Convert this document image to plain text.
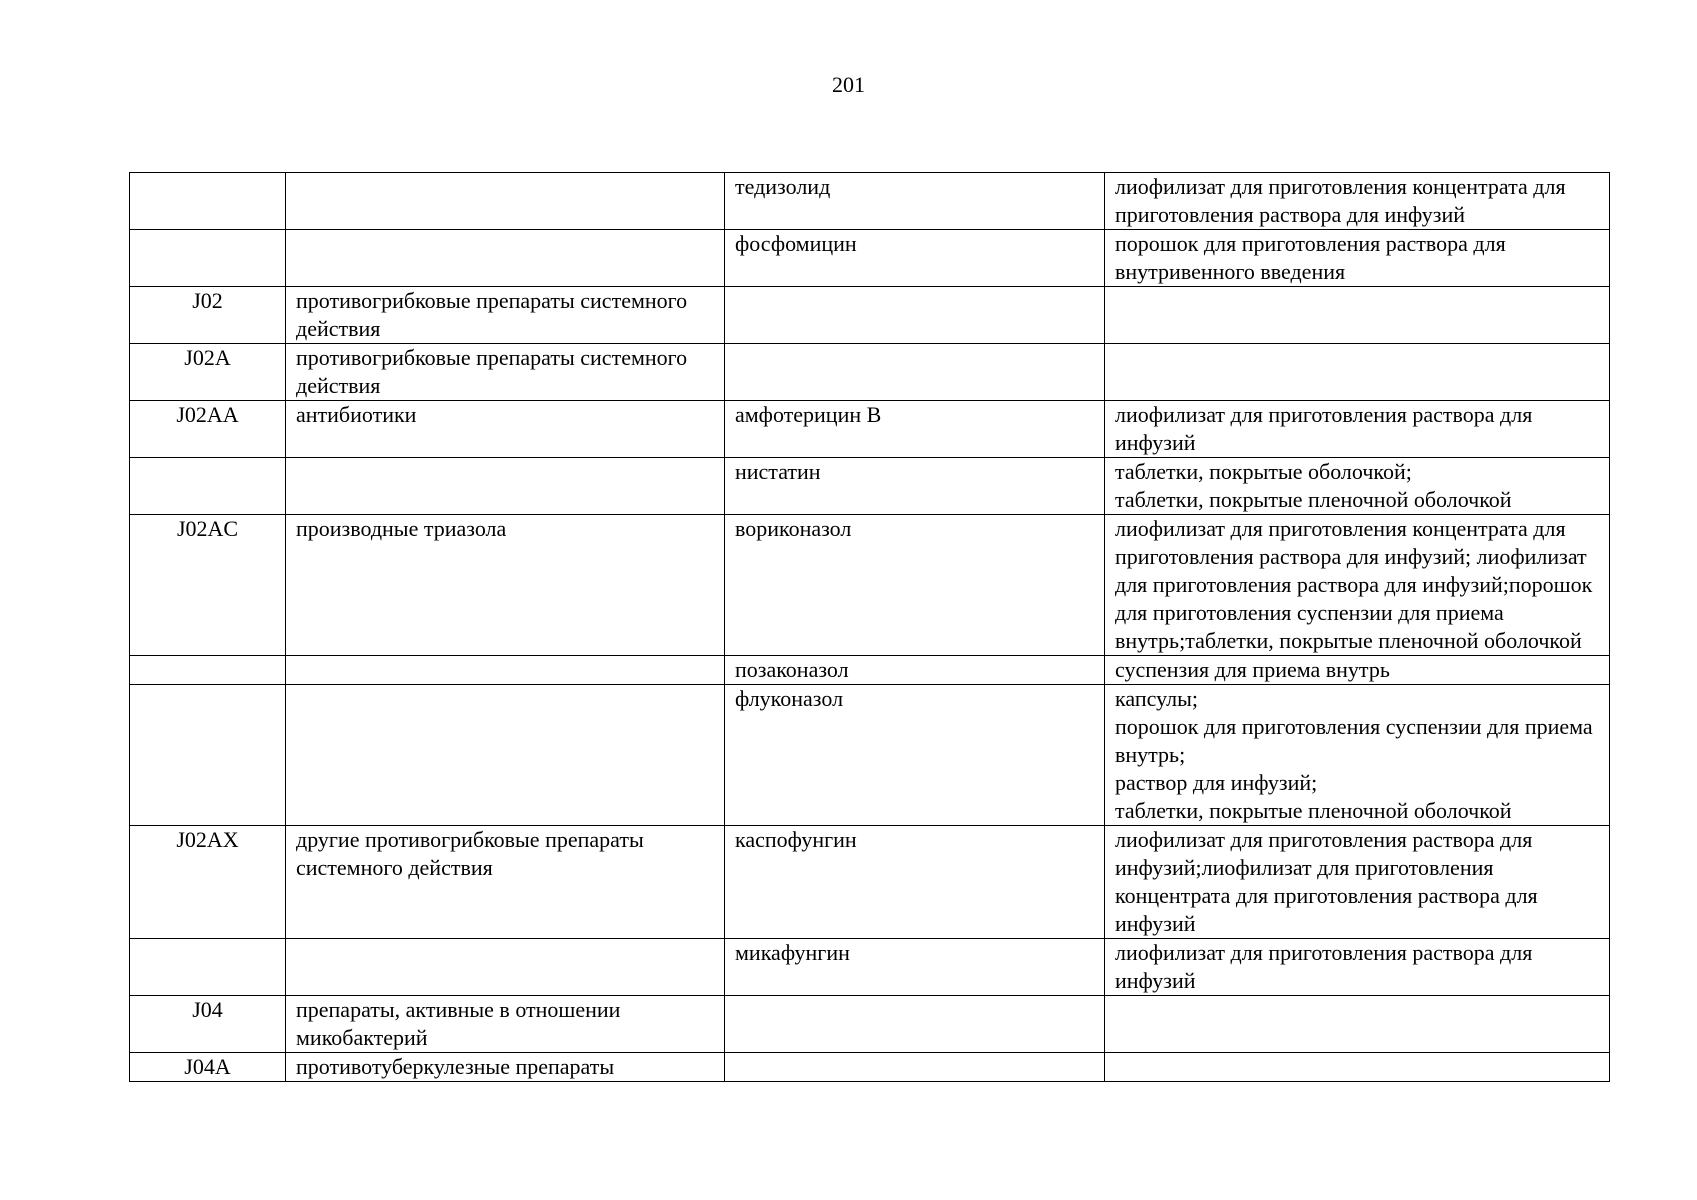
201
		тедизолид	лиофилизат для приготовления концентрата для приготовления раствора для инфузий
		фосфомицин	порошок для приготовления раствора для внутривенного введения
J02	противогрибковые препараты системного действия		
J02A	противогрибковые препараты системного действия		
J02AA	антибиотики	амфотерицин B	лиофилизат для приготовления раствора для инфузий
		нистатин	таблетки, покрытые оболочкой;
таблетки, покрытые пленочной оболочкой
J02AC	производные триазола	вориконазол	лиофилизат для приготовления концентрата для приготовления раствора для инфузий; лиофилизат для приготовления раствора для инфузий;порошок для приготовления суспензии для приема внутрь;таблетки, покрытые пленочной оболочкой
		позаконазол	суспензия для приема внутрь
		флуконазол	капсулы;
порошок для приготовления суспензии для приема внутрь;
раствор для инфузий;
таблетки, покрытые пленочной оболочкой
J02AX	другие противогрибковые препараты системного действия	каспофунгин	лиофилизат для приготовления раствора для инфузий;лиофилизат для приготовления концентрата для приготовления раствора для инфузий
		микафунгин	лиофилизат для приготовления раствора для инфузий
J04	препараты, активные в отношении микобактерий		
J04A	противотуберкулезные препараты		
